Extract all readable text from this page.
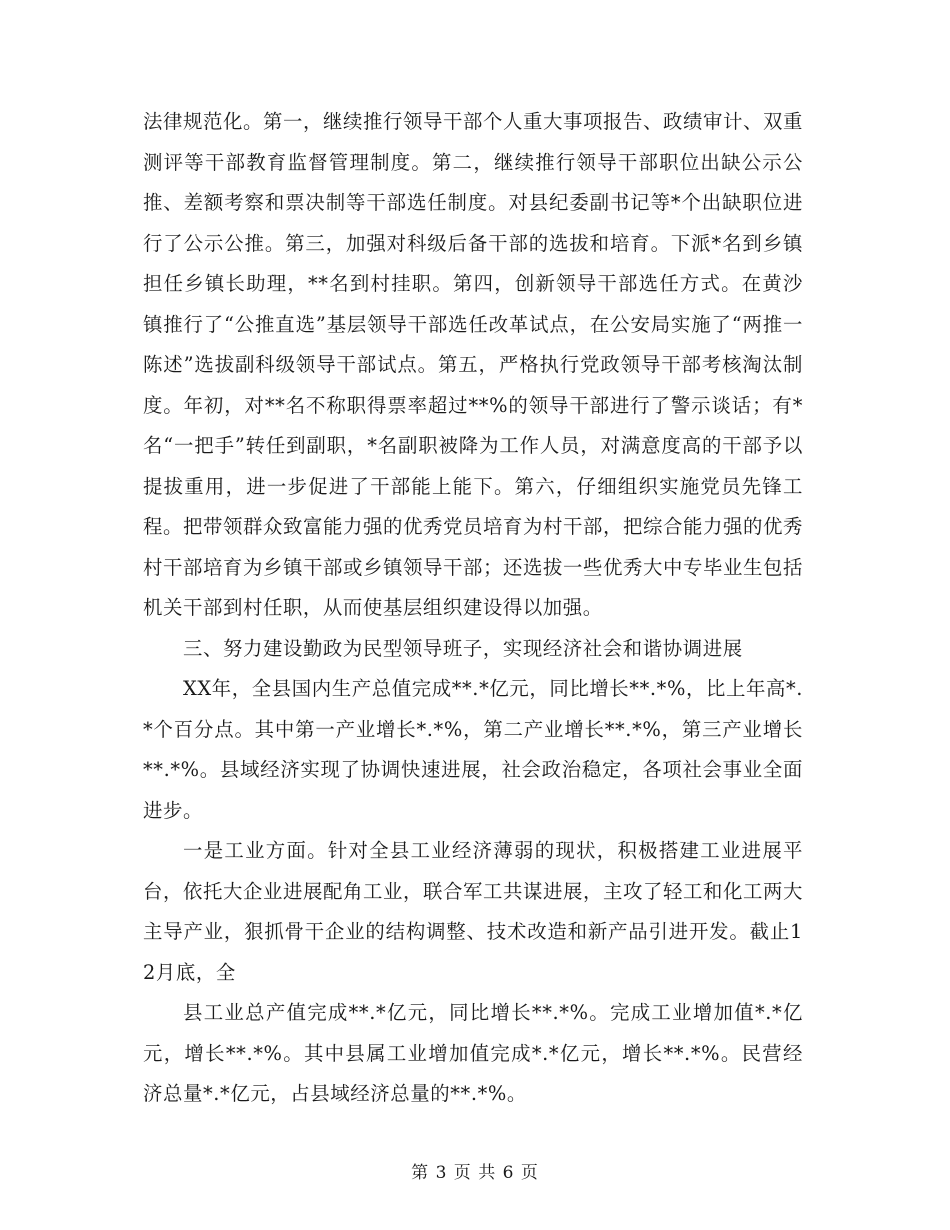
法律规范化。第一，继续推行领导干部个人重大事项报告、政绩审计、双重测评等干部教育监督管理制度。第二，继续推行领导干部职位出缺公示公推、差额考察和票决制等干部选任制度。对县纪委副书记等*个出缺职位进行了公示公推。第三，加强对科级后备干部的选拔和培育。下派*名到乡镇担任乡镇长助理，**名到村挂职。第四，创新领导干部选任方式。在黄沙镇推行了“公推直选”基层领导干部选任改革试点，在公安局实施了“两推一陈述”选拔副科级领导干部试点。第五，严格执行党政领导干部考核淘汰制度。年初，对**名不称职得票率超过**%的领导干部进行了警示谈话；有*名“一把手”转任到副职，*名副职被降为工作人员，对满意度高的干部予以提拔重用，进一步促进了干部能上能下。第六，仔细组织实施党员先锋工程。把带领群众致富能力强的优秀党员培育为村干部，把综合能力强的优秀村干部培育为乡镇干部或乡镇领导干部；还选拔一些优秀大中专毕业生包括机关干部到村任职，从而使基层组织建设得以加强。

三、努力建设勤政为民型领导班子，实现经济社会和谐协调进展

XX年，全县国内生产总值完成**.*亿元，同比增长**.*%，比上年高*.*个百分点。其中第一产业增长*.*%，第二产业增长**.*%，第三产业增长**.*%。县域经济实现了协调快速进展，社会政治稳定，各项社会事业全面进步。

一是工业方面。针对全县工业经济薄弱的现状，积极搭建工业进展平台，依托大企业进展配角工业，联合军工共谋进展，主攻了轻工和化工两大主导产业，狠抓骨干企业的结构调整、技术改造和新产品引进开发。截止12月底，全

县工业总产值完成**.*亿元，同比增长**.*%。完成工业增加值*.*亿元，增长**.*%。其中县属工业增加值完成*.*亿元，增长**.*%。民营经济总量*.*亿元，占县域经济总量的**.*%。

第 3 页 共 6 页
